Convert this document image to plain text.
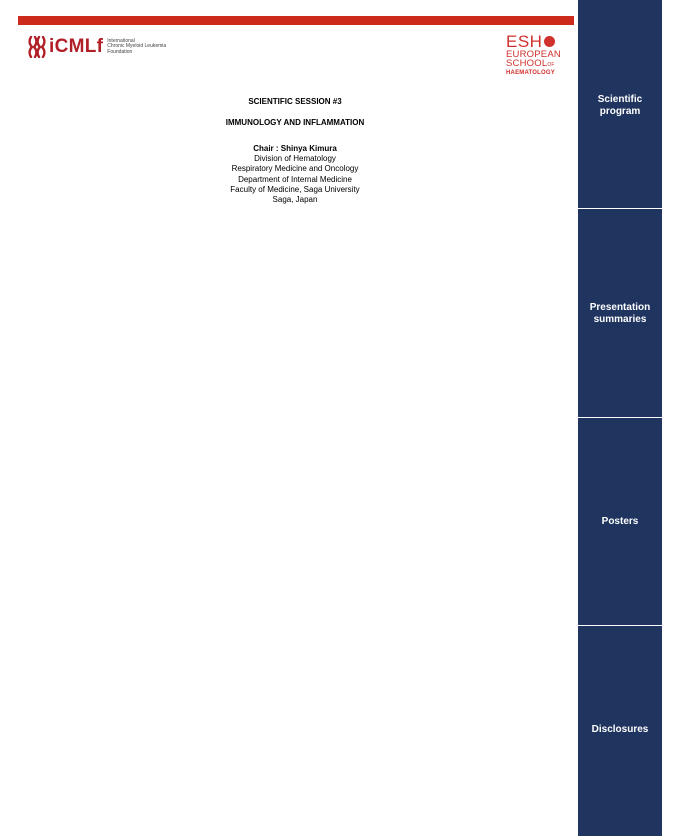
iCMLf International
Chronic Myeloid Leukemia
Foundation
ESH
EUROPEAN
SCHOOLOF
HAEMATOLOGY

SCIENTIFIC SESSION #3

IMMUNOLOGY AND INFLAMMATION

Chair : Shinya Kimura
Division of Hematology
Respiratory Medicine and Oncology
Department of Internal Medicine
Faculty of Medicine, Saga University
Saga, Japan
Scientific program
Presentation summaries
Posters
Disclosures
